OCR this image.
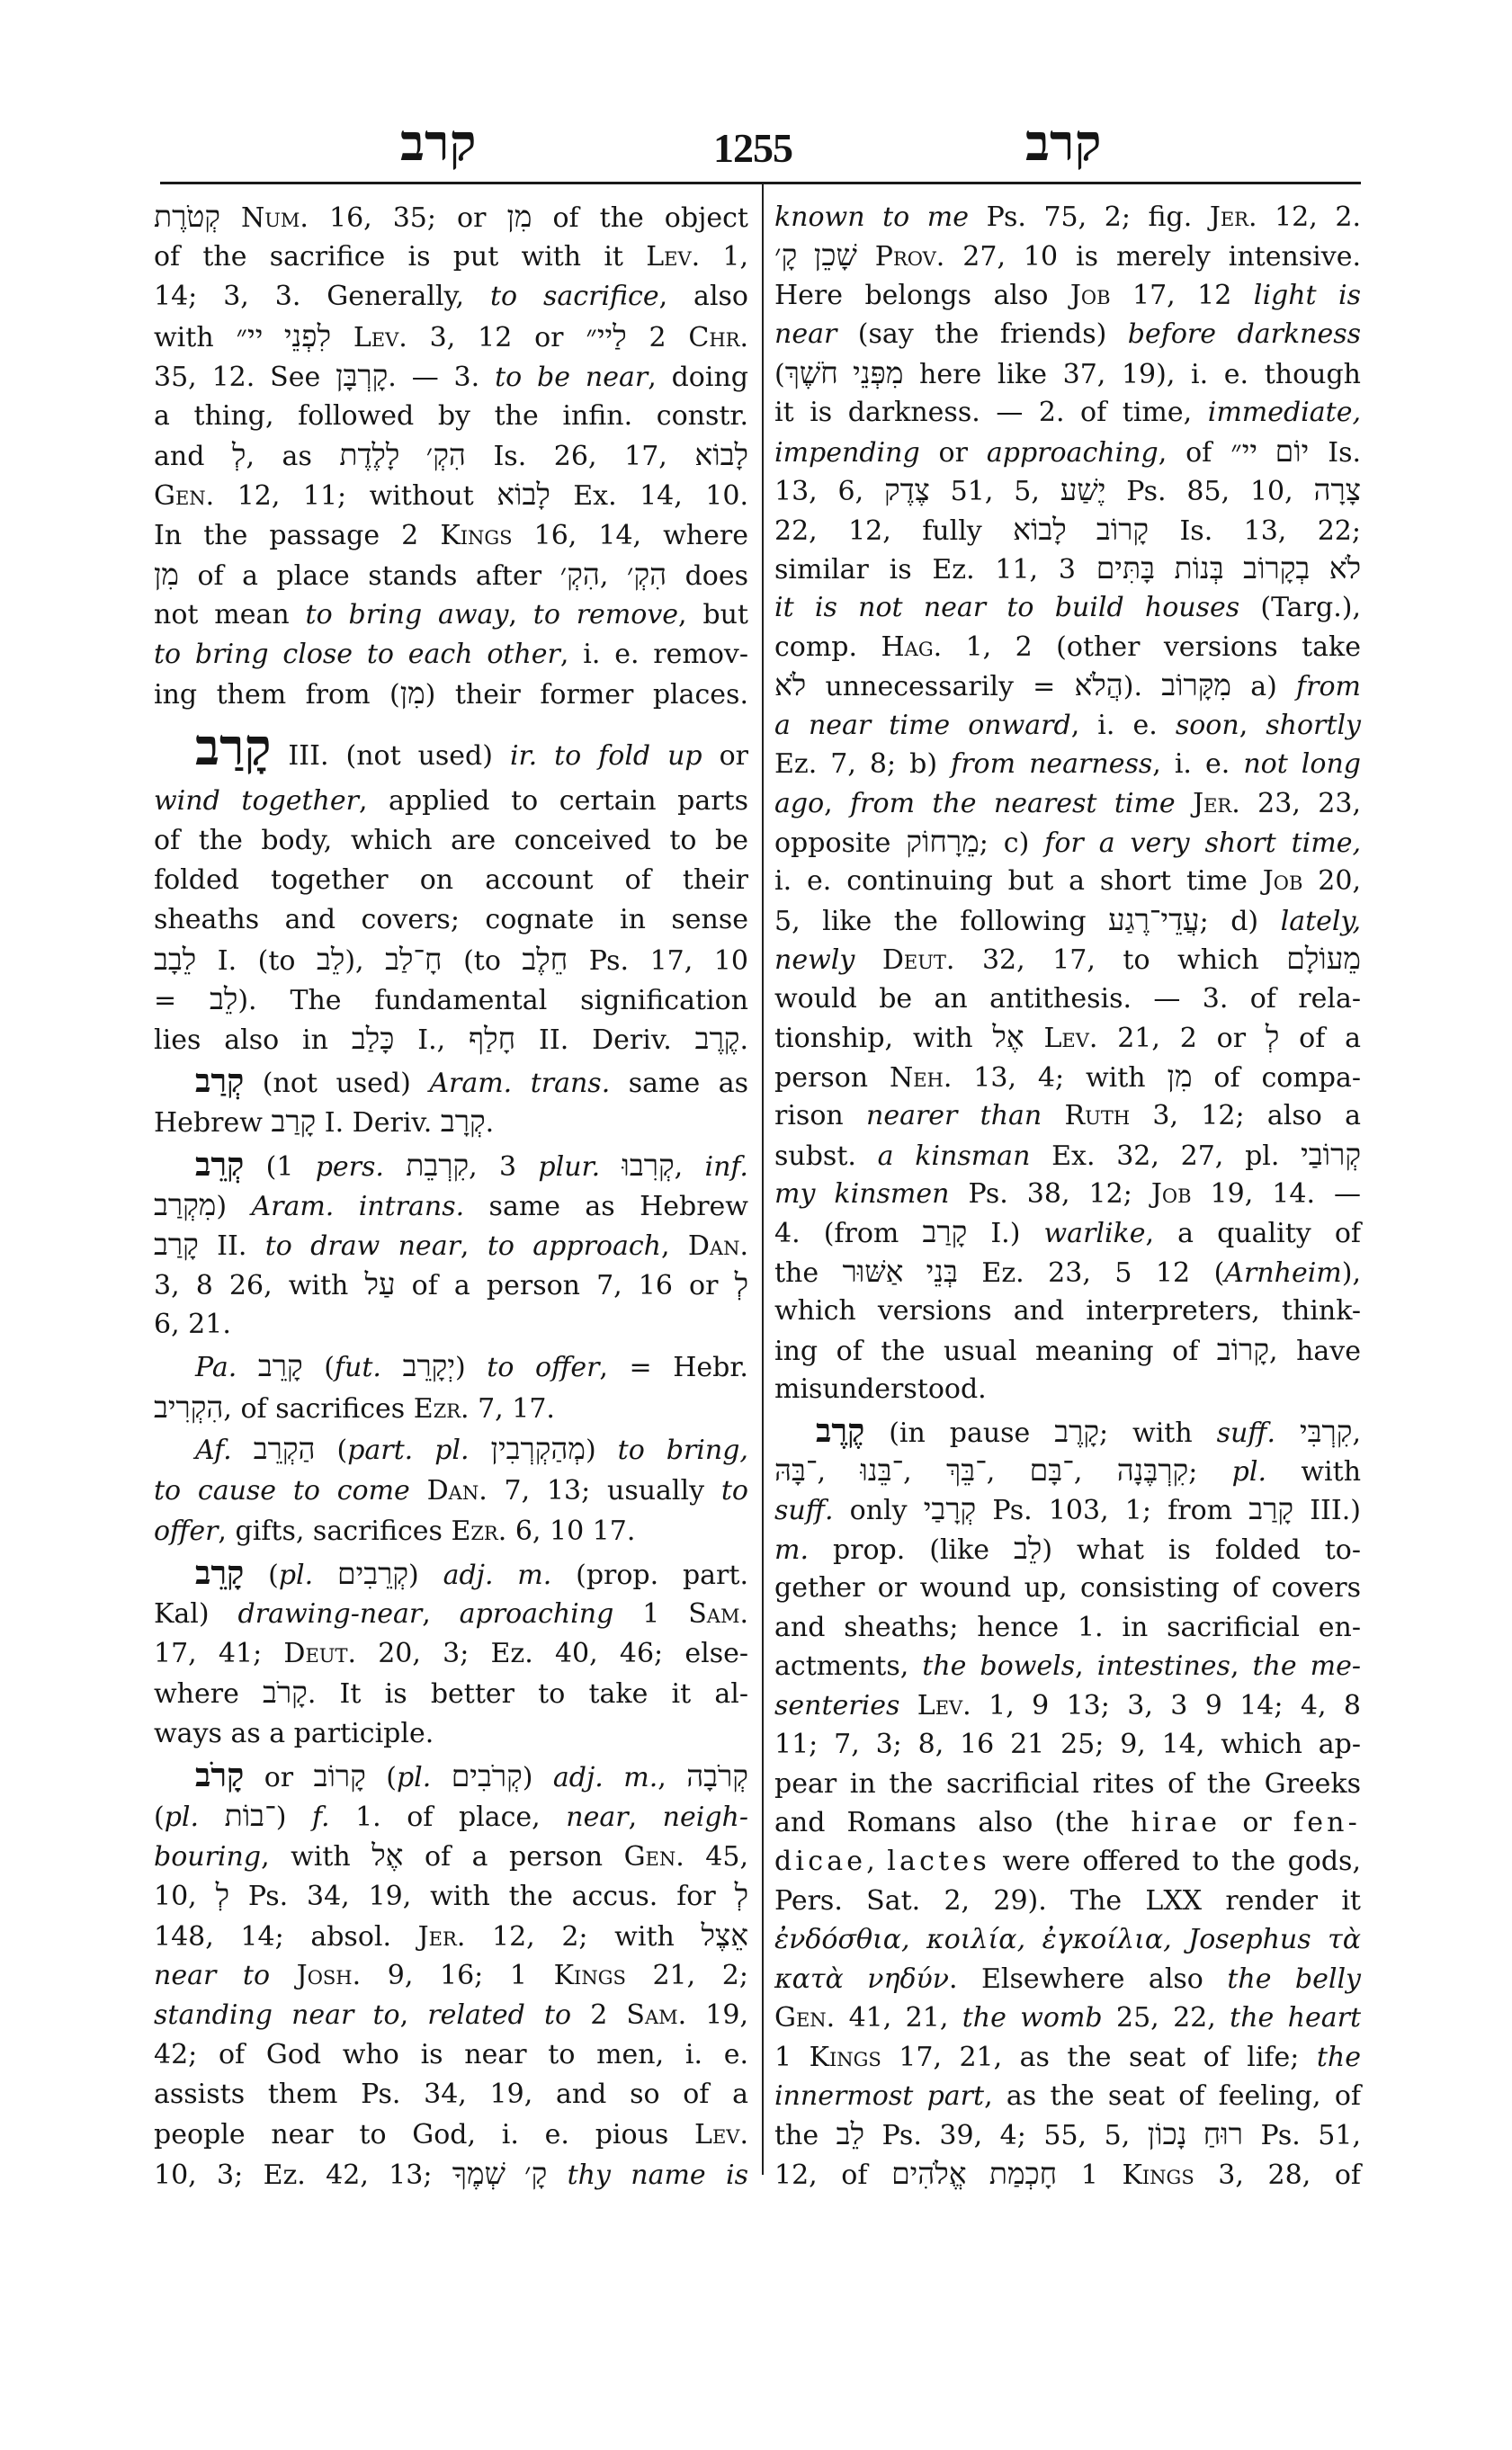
קרב	1255	קרב
קְטֹרֶת Num. 16, 35; or מִן of the object
of the sacrifice is put with it Lev. 1,
14; 3, 3. Generally, to sacrifice, also
with לִפְנֵי יי״ Lev. 3, 12 or לַיי״ 2 Chr.
35, 12. See קָרְבָּן. — 3. to be near, doing
a thing, followed by the infin. constr.
and לְ, as הִקְ׳ לָלֶדֶת Is. 26, 17, לָבוֹא
Gen. 12, 11; without לָבוֹא Ex. 14, 10.
In the passage 2 Kings 16, 14, where
מִן of a place stands after הִקְ׳, הִקְ׳ does
not mean to bring away, to remove, but
to bring close to each other, i. e. remov-
ing them from (מִן) their former places.
קָרַב III. (not used) ir. to fold up or
wind together, applied to certain parts
of the body, which are conceived to be
folded together on account of their
sheaths and covers; cognate in sense
לֵבָב I. (to לֵב), חָ־לַב (to חֵלֶב Ps. 17, 10
= לֵב). The fundamental signification
lies also in כָּלַב I., חָלַף II. Deriv. קֶרֶב.
קְרַב (not used) Aram. trans. same as
Hebrew קָרַב I. Deriv. קְרָב.
קְרֵב (1 pers. קִרְבֵת, 3 plur. קְרִבוּ, inf.
מִקְרַב) Aram. intrans. same as Hebrew
קָרַב II. to draw near, to approach, Dan.
3, 8 26, with עַל of a person 7, 16 or לְ
6, 21.
Pa. קָרֵב (fut. יְקָרֵב) to offer, = Hebr.
הִקְרִיב, of sacrifices Ezr. 7, 17.
Af. הַקְרֵב (part. pl. מְהַקְרְבִין) to bring,
to cause to come Dan. 7, 13; usually to
offer, gifts, sacrifices Ezr. 6, 10 17.
קָרֵב (pl. קְרֵבִים) adj. m. (prop. part.
Kal) drawing-near, aproaching 1 Sam.
17, 41; Deut. 20, 3; Ez. 40, 46; else-
where קָרֹב. It is better to take it al-
ways as a participle.
קָרֹב or קָרוֹב (pl. קְרֹבִים) adj. m., קְרֹבָה
(pl. ־בוֹת) f. 1. of place, near, neigh-
bouring, with אֶל of a person Gen. 45,
10, לְ Ps. 34, 19, with the accus. for לְ
148, 14; absol. Jer. 12, 2; with אֵצֶל
near to Josh. 9, 16; 1 Kings 21, 2;
standing near to, related to 2 Sam. 19,
42; of God who is near to men, i. e.
assists them Ps. 34, 19, and so of a
people near to God, i. e. pious Lev.
10, 3; Ez. 42, 13; קָ׳ שְׁמֶךָ thy name is
known to me Ps. 75, 2; fig. Jer. 12, 2.
שָׁכֵן קָ׳ Prov. 27, 10 is merely intensive.
Here belongs also Job 17, 12 light is
near (say the friends) before darkness
(מִפְּנֵי חֹשֶׁךְ here like 37, 19), i. e. though
it is darkness. — 2. of time, immediate,
impending or approaching, of יוֹם יי״ Is.
13, 6, צֶדֶק 51, 5, יֶשַׁע Ps. 85, 10, צָרָה
22, 12, fully קָרוֹב לָבוֹא Is. 13, 22;
similar is Ez. 11, 3 לֹא בְקָרוֹב בְּנוֹת בָּתִּים
it is not near to build houses (Targ.),
comp. Hag. 1, 2 (other versions take
לֹא unnecessarily = הֲלֹא). מִקָּרוֹב a) from
a near time onward, i. e. soon, shortly
Ez. 7, 8; b) from nearness, i. e. not long
ago, from the nearest time Jer. 23, 23,
opposite מֵרָחוֹק; c) for a very short time,
i. e. continuing but a short time Job 20,
5, like the following עֲדֵי־רֶגַע; d) lately,
newly Deut. 32, 17, to which מֵעוֹלָם
would be an antithesis. — 3. of rela-
tionship, with אֶל Lev. 21, 2 or לְ of a
person Neh. 13, 4; with מִן of compa-
rison nearer than Ruth 3, 12; also a
subst. a kinsman Ex. 32, 27, pl. קְרוֹבַי
my kinsmen Ps. 38, 12; Job 19, 14. —
4. (from קָרַב I.) warlike, a quality of
the בְּנֵי אַשּׁוּר Ez. 23, 5 12 (Arnheim),
which versions and interpreters, think-
ing of the usual meaning of קָרוֹב, have
misunderstood.
קֶרֶב (in pause קָרֶב; with suff. קִרְבִּי,
־בָּהּ, ־בֵּנוּ, ־בֵּךְ, ־בָּם, קִרְבֶּנָה; pl. with
suff. only קְרָבַי Ps. 103, 1; from קָרַב III.)
m. prop. (like לֵב) what is folded to-
gether or wound up, consisting of covers
and sheaths; hence 1. in sacrificial en-
actments, the bowels, intestines, the me-
senteries Lev. 1, 9 13; 3, 3 9 14; 4, 8
11; 7, 3; 8, 16 21 25; 9, 14, which ap-
pear in the sacrificial rites of the Greeks
and Romans also (the hirae or fen-
dicae, lactes were offered to the gods,
Pers. Sat. 2, 29). The LXX render it
ἐνδόσθια, κοιλία, ἐγκοίλια, Josephus τὰ
κατὰ νηδύν. Elsewhere also the belly
Gen. 41, 21, the womb 25, 22, the heart
1 Kings 17, 21, as the seat of life; the
innermost part, as the seat of feeling, of
the לֵב Ps. 39, 4; 55, 5, רוּחַ נָכוֹן Ps. 51,
12, of חָכְמַת אֱלֹהִים 1 Kings 3, 28, of
